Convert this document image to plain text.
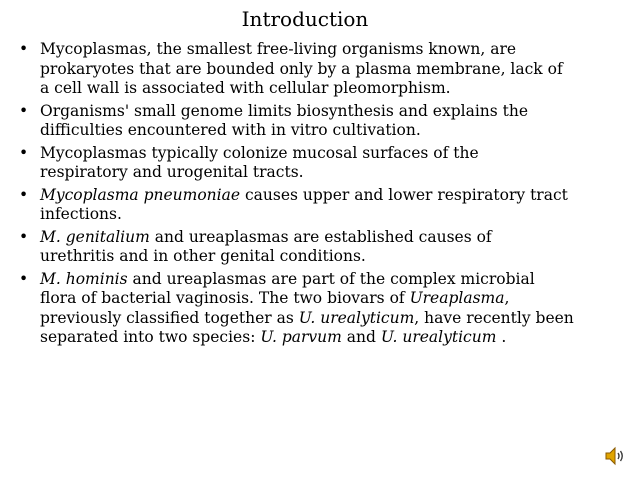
Introduction
• Mycoplasmas, the smallest free-living organisms known, are
prokaryotes that are bounded only by a plasma membrane, lack of
a cell wall is associated with cellular pleomorphism.
• Organisms' small genome limits biosynthesis and explains the
difficulties encountered with in vitro cultivation.
• Mycoplasmas typically colonize mucosal surfaces of the
respiratory and urogenital tracts.
• Mycoplasma pneumoniae causes upper and lower respiratory tract
infections.
• M. genitalium and ureaplasmas are established causes of
urethritis and in other genital conditions.
• M. hominis and ureaplasmas are part of the complex microbial
flora of bacterial vaginosis. The two biovars of Ureaplasma,
previously classified together as U. urealyticum, have recently been
separated into two species: U. parvum and U. urealyticum .
